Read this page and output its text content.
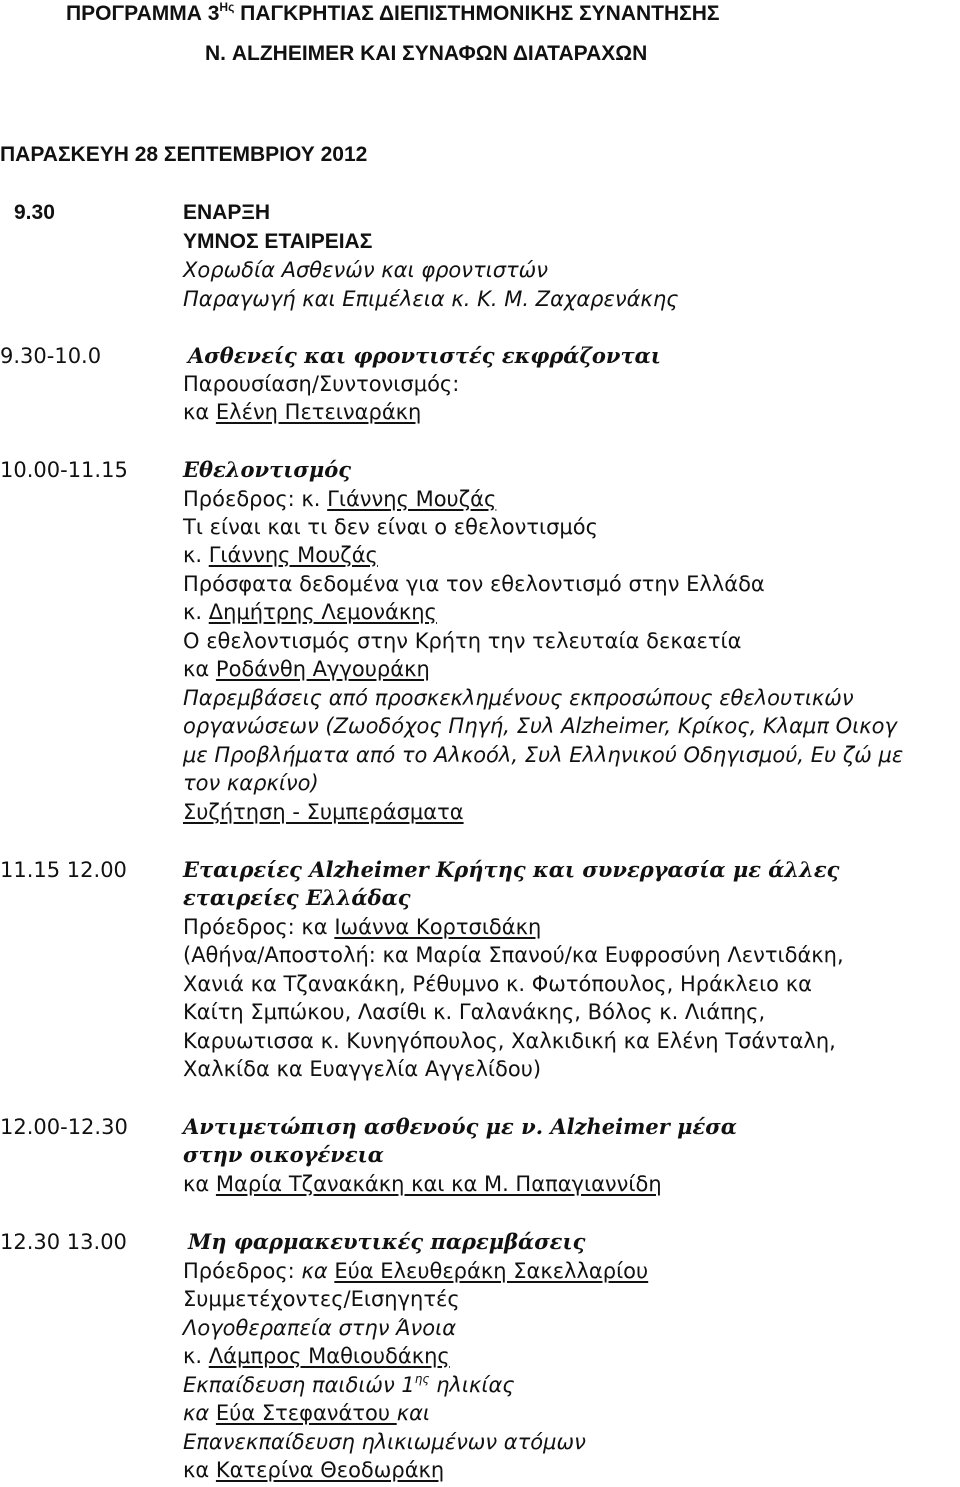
ΠΡΟΓΡΑΜΜΑ $3^{H\varsigma}$ ΠΑΓΚΡΗΤΙΑΣ ΔΙΕΠΙΣΤΗΜΟΝΙΚΗΣ ΣΥΝΑΝΤΗΣΗΣ
Ν. ALZHEIMER ΚΑΙ ΣΥΝΑΦΩΝ ΔΙΑΤΑΡΑΧΩΝ
ΠΑΡΑΣΚΕΥΗ 28 ΣΕΠΤΕΜΒΡΙΟΥ 2012
9.30	ΕΝΑΡΞΗ
ΥΜΝΟΣ ΕΤΑΙΡΕΙΑΣ
Χορωδία Ασθενών και φροντιστών
Παραγωγή και Επιμέλεια κ. Κ. Μ. Ζαχαρενάκης
9.30-10.0	Ασθενείς και φροντιστές εκφράζονται
Παρουσίαση/Συντονισμός:
κα Ελένη Πετειναράκη
10.00-11.15	Εθελοντισμός
Πρόεδρος: κ. Γιάννης Μουζάς
Τι είναι και τι δεν είναι ο εθελοντισμός
κ. Γιάννης Μουζάς
Πρόσφατα δεδομένα για τον εθελοντισμό στην Ελλάδα
κ. Δημήτρης Λεμονάκης
Ο εθελοντισμός στην Κρήτη την τελευταία δεκαετία
κα Ροδάνθη Αγγουράκη
Παρεμβάσεις από προσκεκλημένους εκπροσώπους εθελουτικών
οργανώσεων (Ζωοδόχος Πηγή, Συλ Alzheimer, Κρίκος, Κλαμπ Οικογ
με Προβλήματα από το Αλκοόλ, Συλ Ελληνικού Οδηγισμού, Ευ ζώ με
τον καρκίνο)
Συζήτηση - Συμπεράσματα
11.15 12.00	Εταιρείες Alzheimer Κρήτης και συνεργασία με άλλες
εταιρείες Ελλάδας
Πρόεδρος: κα Ιωάννα Κορτσιδάκη
(Αθήνα/Αποστολή: κα Μαρία Σπανού/κα Ευφροσύνη Λεντιδάκη,
Χανιά κα Τζανακάκη, Ρέθυμνο κ. Φωτόπουλος, Ηράκλειο κα
Καίτη Σμπώκου, Λασίθι κ. Γαλανάκης, Βόλος κ. Λιάπης,
Καρυωτισσα κ. Κυνηγόπουλος, Χαλκιδική κα Ελένη Τσάνταλη,
Χαλκίδα κα Ευαγγελία Αγγελίδου)
12.00-12.30	Αντιμετώπιση ασθενούς με ν. Alzheimer μέσα
στην οικογένεια
κα Μαρία Τζανακάκη και κα Μ. Παπαγιαννίδη
12.30 13.00	Μη φαρμακευτικές παρεμβάσεις
Πρόεδρος: κα Εύα Ελευθεράκη Σακελλαρίου
Συμμετέχοντες/Εισηγητές
Λογοθεραπεία στην Άνοια
κ. Λάμπρος Μαθιουδάκης
Εκπαίδευση παιδιών $1^{\eta\varsigma}$ ηλικίας
κα Εύα Στεφανάτου και
Επανεκπαίδευση ηλικιωμένων ατόμων
κα Κατερίνα Θεοδωράκη
